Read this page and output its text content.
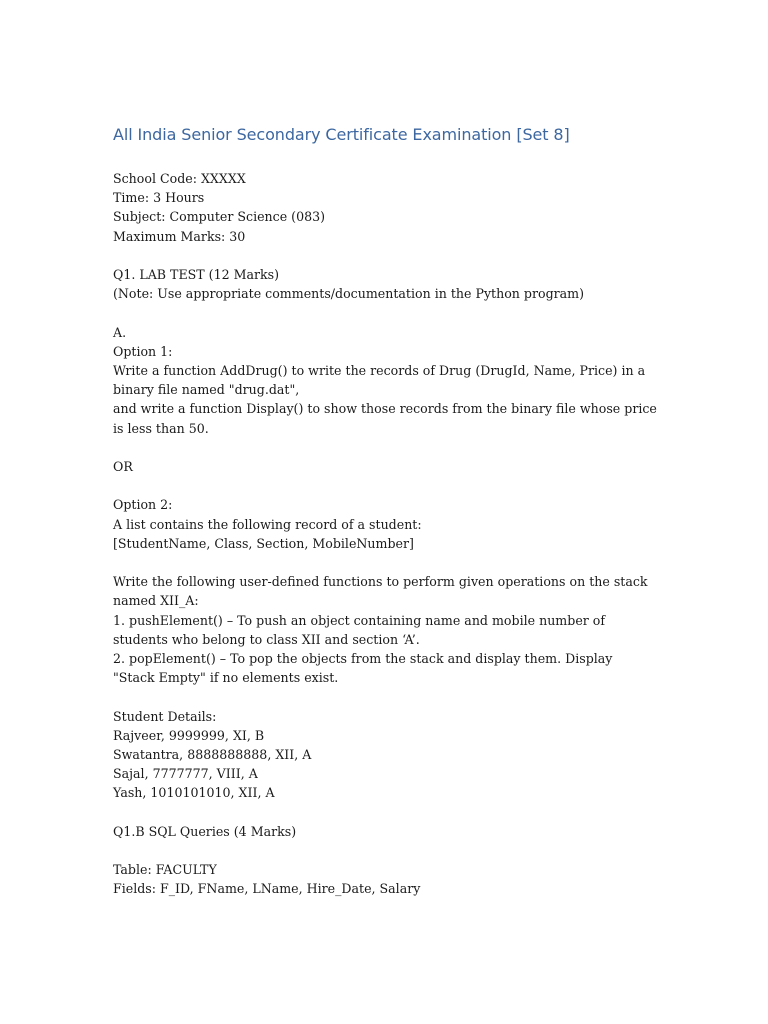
All India Senior Secondary Certificate Examination [Set 8]
School Code: XXXXX
Time: 3 Hours
Subject: Computer Science (083)
Maximum Marks: 30
Q1. LAB TEST (12 Marks)
(Note: Use appropriate comments/documentation in the Python program)
A.
Option 1:
Write a function AddDrug() to write the records of Drug (DrugId, Name, Price) in a binary file named "drug.dat",
and write a function Display() to show those records from the binary file whose price is less than 50.
OR
Option 2:
A list contains the following record of a student:
[StudentName, Class, Section, MobileNumber]
Write the following user-defined functions to perform given operations on the stack named XII_A:
1. pushElement() – To push an object containing name and mobile number of students who belong to class XII and section ‘A’.
2. popElement() – To pop the objects from the stack and display them. Display "Stack Empty" if no elements exist.
Student Details:
Rajveer, 9999999, XI, B
Swatantra, 8888888888, XII, A
Sajal, 7777777, VIII, A
Yash, 1010101010, XII, A
Q1.B SQL Queries (4 Marks)
Table: FACULTY
Fields: F_ID, FName, LName, Hire_Date, Salary
